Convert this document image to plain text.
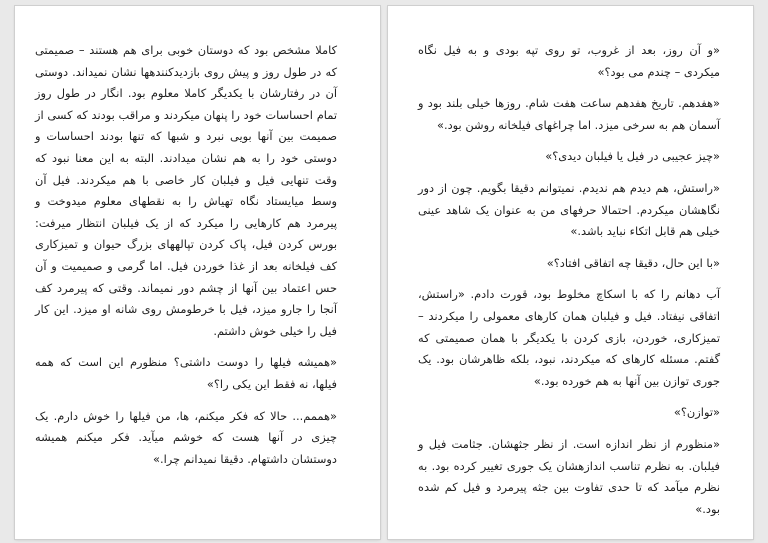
کاملا مشخص بود که دوستان خوبی برای هم هستند – صمیمتی که در طول روز و پیش روی بازدیدکنندهها نشان نمیداند. دوستی آن در رفتارشان با یکدیگر کاملا معلوم بود. انگار در طول روز تمام احساسات خود را پنهان میکردند و مراقب بودند که کسی از صمیمت بین آنها بویی نبرد و شبها که تنها بودند احساسات و دوستی خود را به هم نشان میدادند. البته به این معنا نبود که وقت تنهایی فیل و فیلبان کار خاصی با هم میکردند. فیل آن وسط میایستاد نگاه تهیاش را به نقطهای معلوم میدوخت و پیرمرد هم کارهایی را میکرد که از یک فیلبان انتظار میرفت: بورس کردن فیل، پاک کردن تپالههای بزرگ حیوان و تمیزکاری کف فیلخانه بعد از غذا خوردن فیل. اما گرمی و صمیمیت و آن حس اعتماد بین آنها از چشم دور نمیماند. وقتی که پیرمرد کف آنجا را جارو میزد، فیل با خرطومش روی شانه او میزد. این کار فیل را خیلی خوش داشتم.

«همیشه فیلها را دوست داشتی؟ منظورم این است که همه فیلها، نه فقط این یکی را؟»

«هممم... حالا که فکر میکنم، ها، من فیلها را خوش دارم. یک چیزی در آنها هست که خوشم میآید. فکر میکنم همیشه دوستشان داشتهام. دقیقا نمیدانم چرا.»

«و آن روز، بعد از غروب، تو روی تپه بودی و به فیل نگاه میکردی – چندم می بود؟»

«هفدهم. تاریخ هفدهم ساعت هفت شام. روزها خیلی بلند بود و آسمان هم به سرخی میزد. اما چراغهای فیلخانه روشن بود.»

«چیز عجیبی در فیل یا فیلبان دیدی؟»

«راستش، هم دیدم هم ندیدم. نمیتوانم دقیقا بگویم. چون از دور نگاهشان میکردم. احتمالا حرفهای من به عنوان یک شاهد عینی خیلی هم قابل اتکاء نباید باشد.»

«با این حال، دقیقا چه اتفاقی افتاد؟»

آب دهانم را که با اسکاچ مخلوط بود، قورت دادم. «راستش، اتفاقی نیفتاد. فیل و فیلبان همان کارهای معمولی را میکردند –تمیزکاری، خوردن، بازی کردن با یکدیگر با همان صمیمتی که گفتم. مسئله کارهای که میکردند، نبود، بلکه ظاهرشان بود. یک جوری توازن بین آنها به هم خورده بود.»

«توازن؟»

«منظورم از نظر اندازه است. از نظر جثهشان. جثامت فیل و فیلبان. به نظرم تناسب اندازهشان یک جوری تغییر کرده بود. به نظرم میآمد که تا حدی تفاوت بین جثه پیرمرد و فیل کم شده بود.»
